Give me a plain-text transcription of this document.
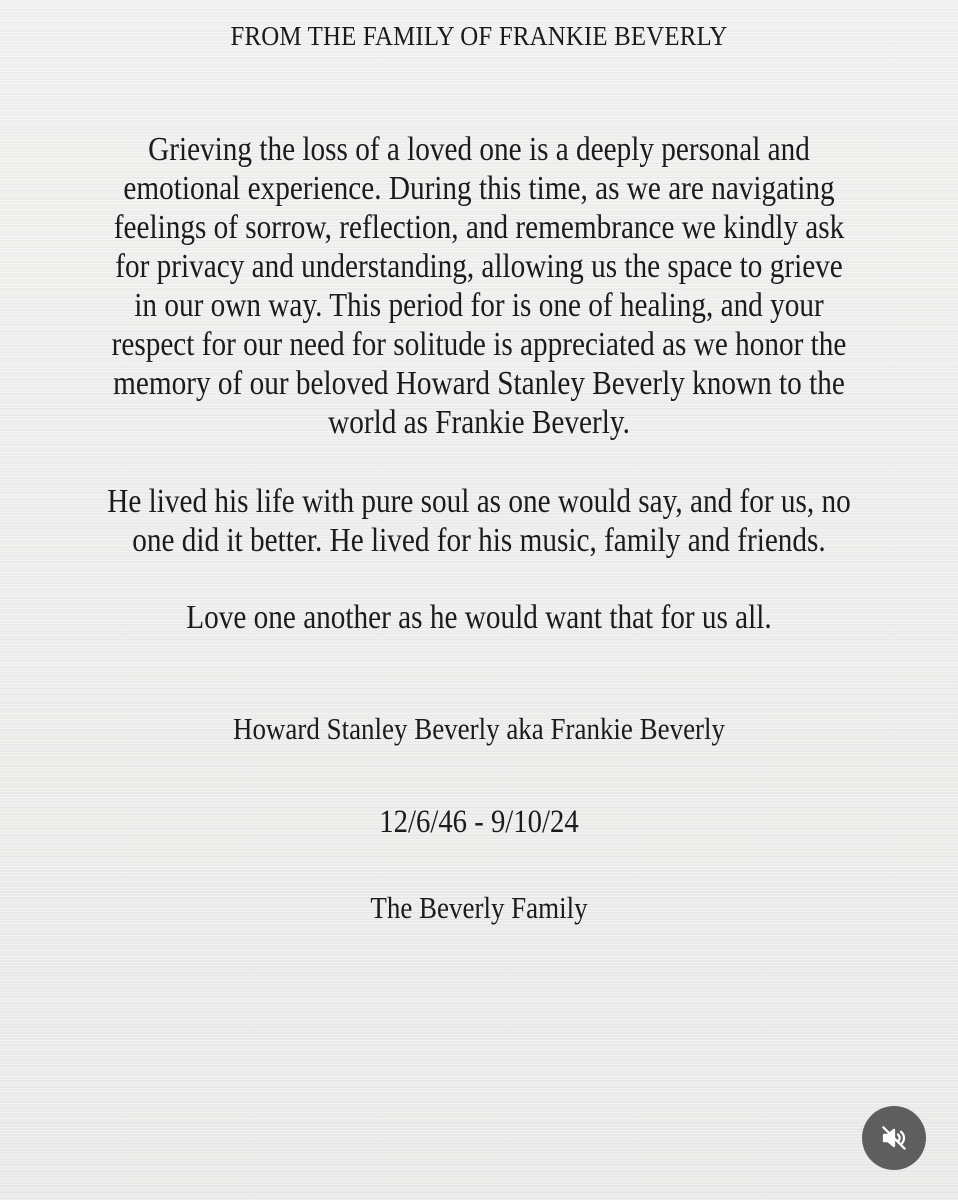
FROM THE FAMILY OF FRANKIE BEVERLY

Grieving the loss of a loved one is a deeply personal and emotional experience. During this time, as we are navigating feelings of sorrow, reflection, and remembrance we kindly ask for privacy and understanding, allowing us the space to grieve in our own way. This period for is one of healing, and your respect for our need for solitude is appreciated as we honor the memory of our beloved Howard Stanley Beverly known to the world as Frankie Beverly.

He lived his life with pure soul as one would say, and for us, no one did it better. He lived for his music, family and friends.

Love one another as he would want that for us all.

Howard Stanley Beverly aka Frankie Beverly

12/6/46 - 9/10/24

The Beverly Family
